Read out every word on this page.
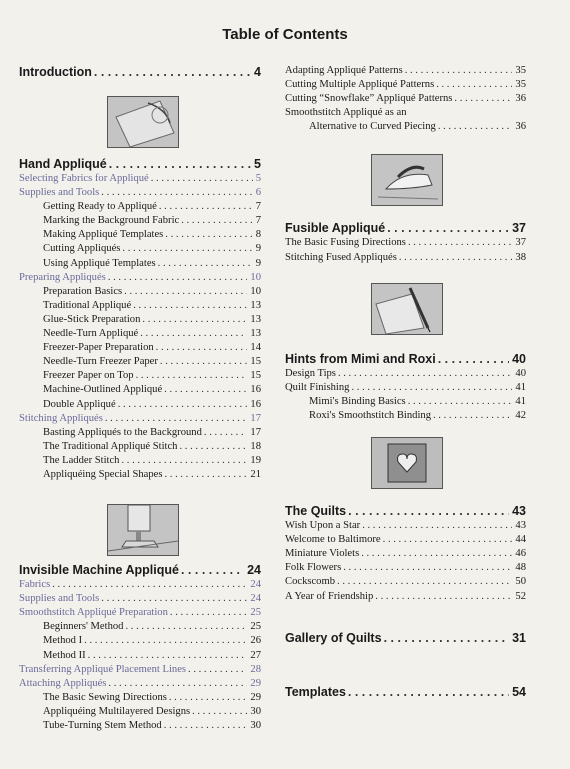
Table of Contents
Introduction . . .	4
Hand Appliqué . . .	5
Selecting Fabrics for Appliqué . . .	5
Supplies and Tools . . .	6
Getting Ready to Appliqué . . .	7
Marking the Background Fabric . . .	7
Making Appliqué Templates . . .	8
Cutting Appliqués . . .	9
Using Appliqué Templates . . .	9
Preparing Appliqués . . .	10
Preparation Basics . . .	10
Traditional Appliqué . . .	13
Glue-Stick Preparation . . .	13
Needle-Turn Appliqué . . .	13
Freezer-Paper Preparation . . .	14
Needle-Turn Freezer Paper . . .	15
Freezer Paper on Top . . .	15
Machine-Outlined Appliqué . . .	16
Double Appliqué . . .	16
Stitching Appliqués . . .	17
Basting Appliqués to the Background . . .	17
The Traditional Appliqué Stitch . . .	18
The Ladder Stitch . . .	19
Appliquéing Special Shapes . . .	21
Invisible Machine Appliqué . . .	24
Fabrics . . .	24
Supplies and Tools . . .	24
Smoothstitch Appliqué Preparation . . .	25
Beginners' Method . . .	25
Method I . . .	26
Method II . . .	27
Transferring Appliqué Placement Lines . . .	28
Attaching Appliqués . . .	29
The Basic Sewing Directions . . .	29
Appliquéing Multilayered Designs . . .	30
Tube-Turning Stem Method . . .	30
Adapting Appliqué Patterns . . .	35
Cutting Multiple Appliqué Patterns . . .	35
Cutting “Snowflake” Appliqué Patterns . . .	36
Smoothstitch Appliqué as an
Alternative to Curved Piecing . . .	36
Fusible Appliqué . . .	37
The Basic Fusing Directions . . .	37
Stitching Fused Appliqués . . .	38
Hints from Mimi and Roxi . . .	40
Design Tips . . .	40
Quilt Finishing . . .	41
Mimi's Binding Basics . . .	41
Roxi's Smoothstitch Binding . . .	42
The Quilts . . .	43
Wish Upon a Star . . .	43
Welcome to Baltimore . . .	44
Miniature Violets . . .	46
Folk Flowers . . .	48
Cockscomb . . .	50
A Year of Friendship . . .	52
Gallery of Quilts . . .	31
Templates . . .	54
